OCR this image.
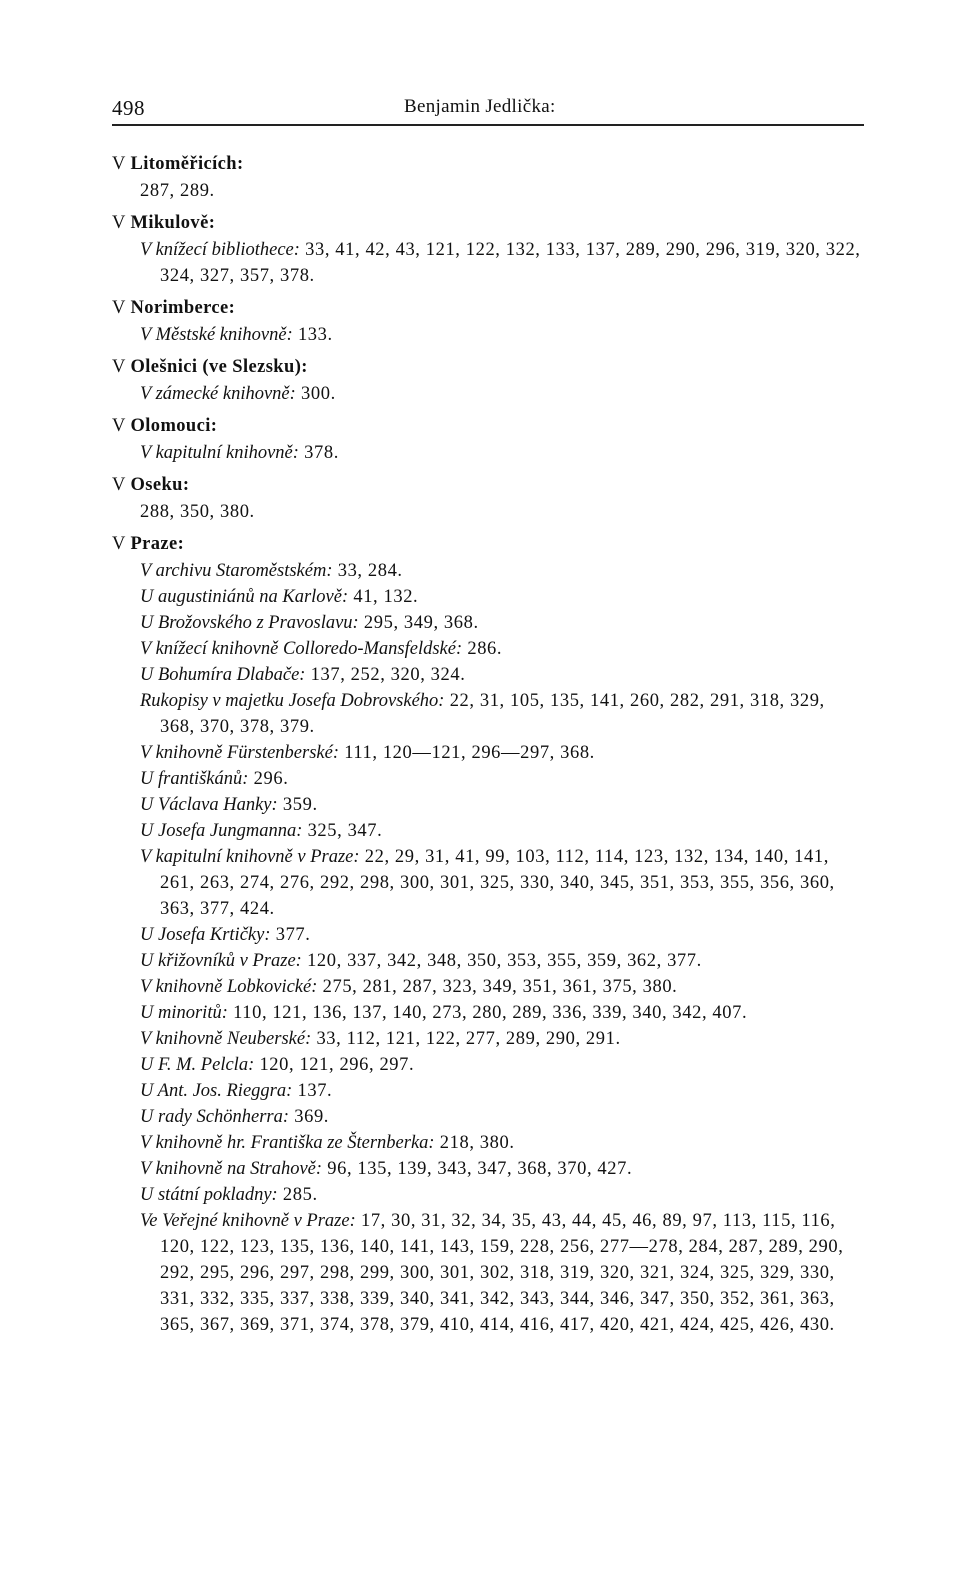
498	Benjamin Jedlička:
V Litoměřicích:
287, 289.
V Mikulově:
V knížecí bibliothece: 33, 41, 42, 43, 121, 122, 132, 133, 137, 289, 290, 296, 319, 320, 322, 324, 327, 357, 378.
V Norimberce:
V Městské knihovně: 133.
V Olešnici (ve Slezsku):
V zámecké knihovně: 300.
V Olomouci:
V kapitulní knihovně: 378.
V Oseku:
288, 350, 380.
V Praze:
V archivu Staroměstském: 33, 284.
U augustiniánů na Karlově: 41, 132.
U Brožovského z Pravoslavu: 295, 349, 368.
V knížecí knihovně Colloredo-Mansfeldské: 286.
U Bohumíra Dlabače: 137, 252, 320, 324.
Rukopisy v majetku Josefa Dobrovského: 22, 31, 105, 135, 141, 260, 282, 291, 318, 329, 368, 370, 378, 379.
V knihovně Fürstenberské: 111, 120—121, 296—297, 368.
U františkánů: 296.
U Václava Hanky: 359.
U Josefa Jungmanna: 325, 347.
V kapitulní knihovně v Praze: 22, 29, 31, 41, 99, 103, 112, 114, 123, 132, 134, 140, 141, 261, 263, 274, 276, 292, 298, 300, 301, 325, 330, 340, 345, 351, 353, 355, 356, 360, 363, 377, 424.
U Josefa Krtičky: 377.
U křižovníků v Praze: 120, 337, 342, 348, 350, 353, 355, 359, 362, 377.
V knihovně Lobkovické: 275, 281, 287, 323, 349, 351, 361, 375, 380.
U minoritů: 110, 121, 136, 137, 140, 273, 280, 289, 336, 339, 340, 342, 407.
V knihovně Neuberské: 33, 112, 121, 122, 277, 289, 290, 291.
U F. M. Pelcla: 120, 121, 296, 297.
U Ant. Jos. Rieggra: 137.
U rady Schönherra: 369.
V knihovně hr. Františka ze Šternberka: 218, 380.
V knihovně na Strahově: 96, 135, 139, 343, 347, 368, 370, 427.
U státní pokladny: 285.
Ve Veřejné knihovně v Praze: 17, 30, 31, 32, 34, 35, 43, 44, 45, 46, 89, 97, 113, 115, 116, 120, 122, 123, 135, 136, 140, 141, 143, 159, 228, 256, 277—278, 284, 287, 289, 290, 292, 295, 296, 297, 298, 299, 300, 301, 302, 318, 319, 320, 321, 324, 325, 329, 330, 331, 332, 335, 337, 338, 339, 340, 341, 342, 343, 344, 346, 347, 350, 352, 361, 363, 365, 367, 369, 371, 374, 378, 379, 410, 414, 416, 417, 420, 421, 424, 425, 426, 430.
